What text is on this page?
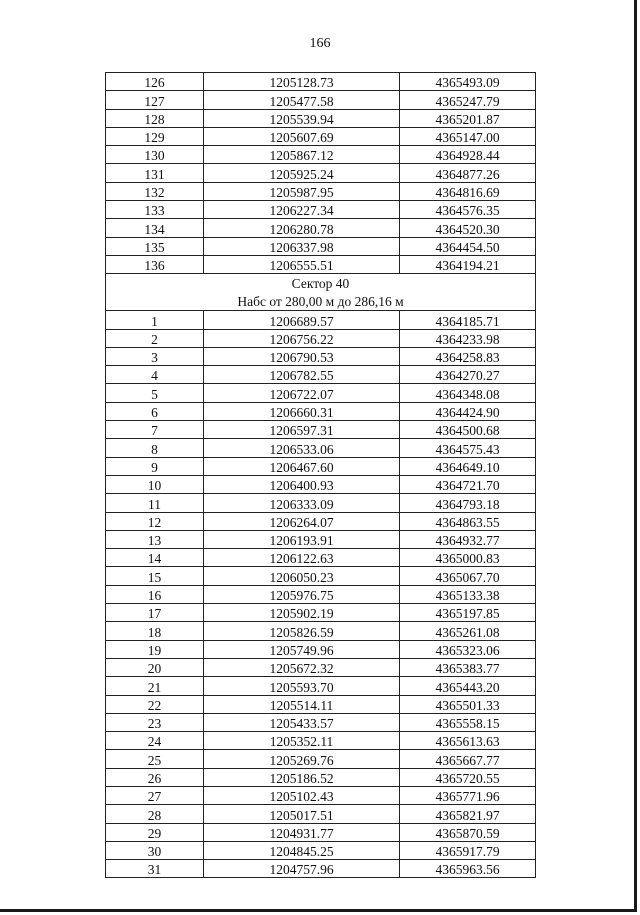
166
126	1205128.73	4365493.09
127	1205477.58	4365247.79
128	1205539.94	4365201.87
129	1205607.69	4365147.00
130	1205867.12	4364928.44
131	1205925.24	4364877.26
132	1205987.95	4364816.69
133	1206227.34	4364576.35
134	1206280.78	4364520.30
135	1206337.98	4364454.50
136	1206555.51	4364194.21
Сектор 40		
Набс от 280,00 м до 286,16 м		
1	1206689.57	4364185.71
2	1206756.22	4364233.98
3	1206790.53	4364258.83
4	1206782.55	4364270.27
5	1206722.07	4364348.08
6	1206660.31	4364424.90
7	1206597.31	4364500.68
8	1206533.06	4364575.43
9	1206467.60	4364649.10
10	1206400.93	4364721.70
11	1206333.09	4364793.18
12	1206264.07	4364863.55
13	1206193.91	4364932.77
14	1206122.63	4365000.83
15	1206050.23	4365067.70
16	1205976.75	4365133.38
17	1205902.19	4365197.85
18	1205826.59	4365261.08
19	1205749.96	4365323.06
20	1205672.32	4365383.77
21	1205593.70	4365443.20
22	1205514.11	4365501.33
23	1205433.57	4365558.15
24	1205352.11	4365613.63
25	1205269.76	4365667.77
26	1205186.52	4365720.55
27	1205102.43	4365771.96
28	1205017.51	4365821.97
29	1204931.77	4365870.59
30	1204845.25	4365917.79
31	1204757.96	4365963.56
